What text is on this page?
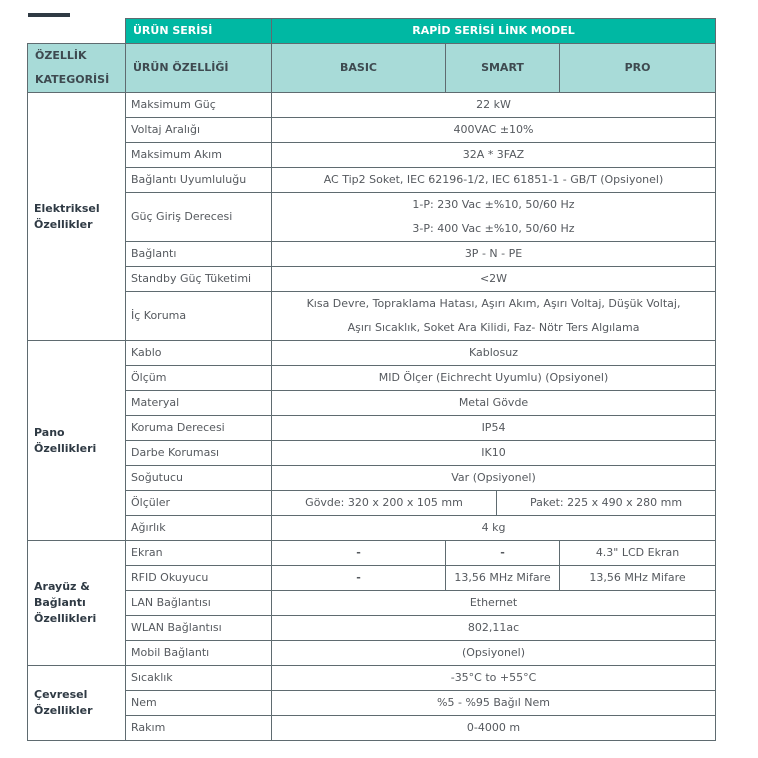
	ÜRÜN SERİSİ	RAPİD SERİSİ LİNK MODEL		
ÖZELLİK
KATEGORİSİ	ÜRÜN ÖZELLİĞİ	BASIC	SMART	PRO
Elektriksel
Özellikler	Maksimum Güç	22 kW		
	Voltaj Aralığı	400VAC ±10%		
	Maksimum Akım	32A * 3FAZ		
	Bağlantı Uyumluluğu	AC Tip2 Soket, IEC 62196-1/2, IEC 61851-1 - GB/T (Opsiyonel)		
	Güç Giriş Derecesi	1-P: 230 Vac ±%10, 50/60 Hz
3-P: 400 Vac ±%10, 50/60 Hz		
	Bağlantı	3P - N - PE		
	Standby Güç Tüketimi	<2W		
	İç Koruma	Kısa Devre, Topraklama Hatası, Aşırı Akım, Aşırı Voltaj, Düşük Voltaj,
Aşırı Sıcaklık, Soket Ara Kilidi, Faz- Nötr Ters Algılama		
Pano
Özellikleri	Kablo	Kablosuz		
	Ölçüm	MID Ölçer (Eichrecht Uyumlu) (Opsiyonel)		
	Materyal	Metal Gövde		
	Koruma Derecesi	IP54		
	Darbe Koruması	IK10		
	Soğutucu	Var (Opsiyonel)		
	Ölçüler	Gövde: 320 x 200 x 105 mm Paket: 225 x 490 x 280 mm		

	Ağırlık	4 kg		
Arayüz &
Bağlantı
Özellikleri	Ekran	-	-	4.3" LCD Ekran
	RFID Okuyucu	-	13,56 MHz Mifare	13,56 MHz Mifare
	LAN Bağlantısı	Ethernet		
	WLAN Bağlantısı	802,11ac		
	Mobil Bağlantı	(Opsiyonel)		
Çevresel
Özellikler	Sıcaklık	-35°C to +55°C		
	Nem	%5 - %95 Bağıl Nem		
	Rakım	0-4000 m		
